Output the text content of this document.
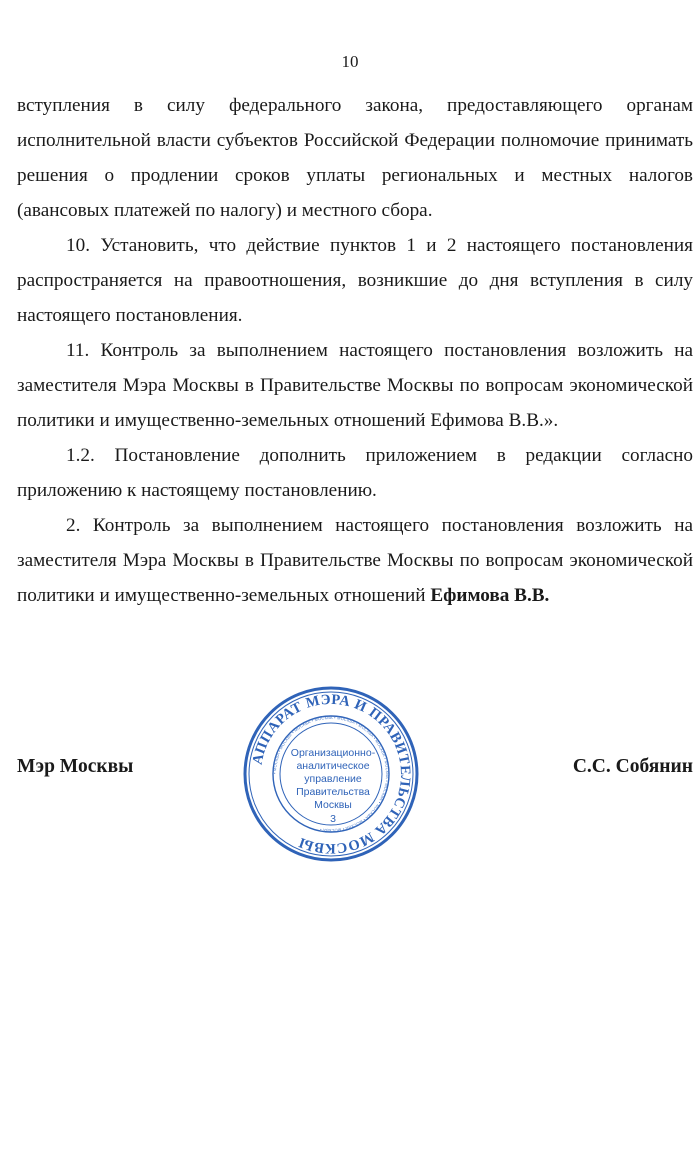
10

вступления в силу федерального закона, предоставляющего органам исполнительной власти субъектов Российской Федерации полномочие принимать решения о продлении сроков уплаты региональных и местных налогов (авансовых платежей по налогу) и местного сбора.

10. Установить, что действие пунктов 1 и 2 настоящего постановления распространяется на правоотношения, возникшие до дня вступления в силу настоящего постановления.

11. Контроль за выполнением настоящего постановления возложить на заместителя Мэра Москвы в Правительстве Москвы по вопросам экономической политики и имущественно-земельных отношений Ефимова В.В.».

1.2. Постановление дополнить приложением в редакции согласно приложению к настоящему постановлению.

2. Контроль за выполнением настоящего постановления возложить на заместителя Мэра Москвы в Правительстве Москвы по вопросам экономической политики и имущественно-земельных отношений Ефимова В.В.

АППАРАТ МЭРА И ПРАВИТЕЛЬСТВА МОСКВЫ
• МОСКВА • МОСКВА • МОСКВА • МОСКВА • МОСКВА • МОСКВА • МОСКВА • МОСКВА • МОСКВА • МОСКВА • МОСКВА • МОСКВА •
Организационно-
аналитическое
управление
Правительства
Москвы
3
Мэр Москвы	С.С. Собянин
